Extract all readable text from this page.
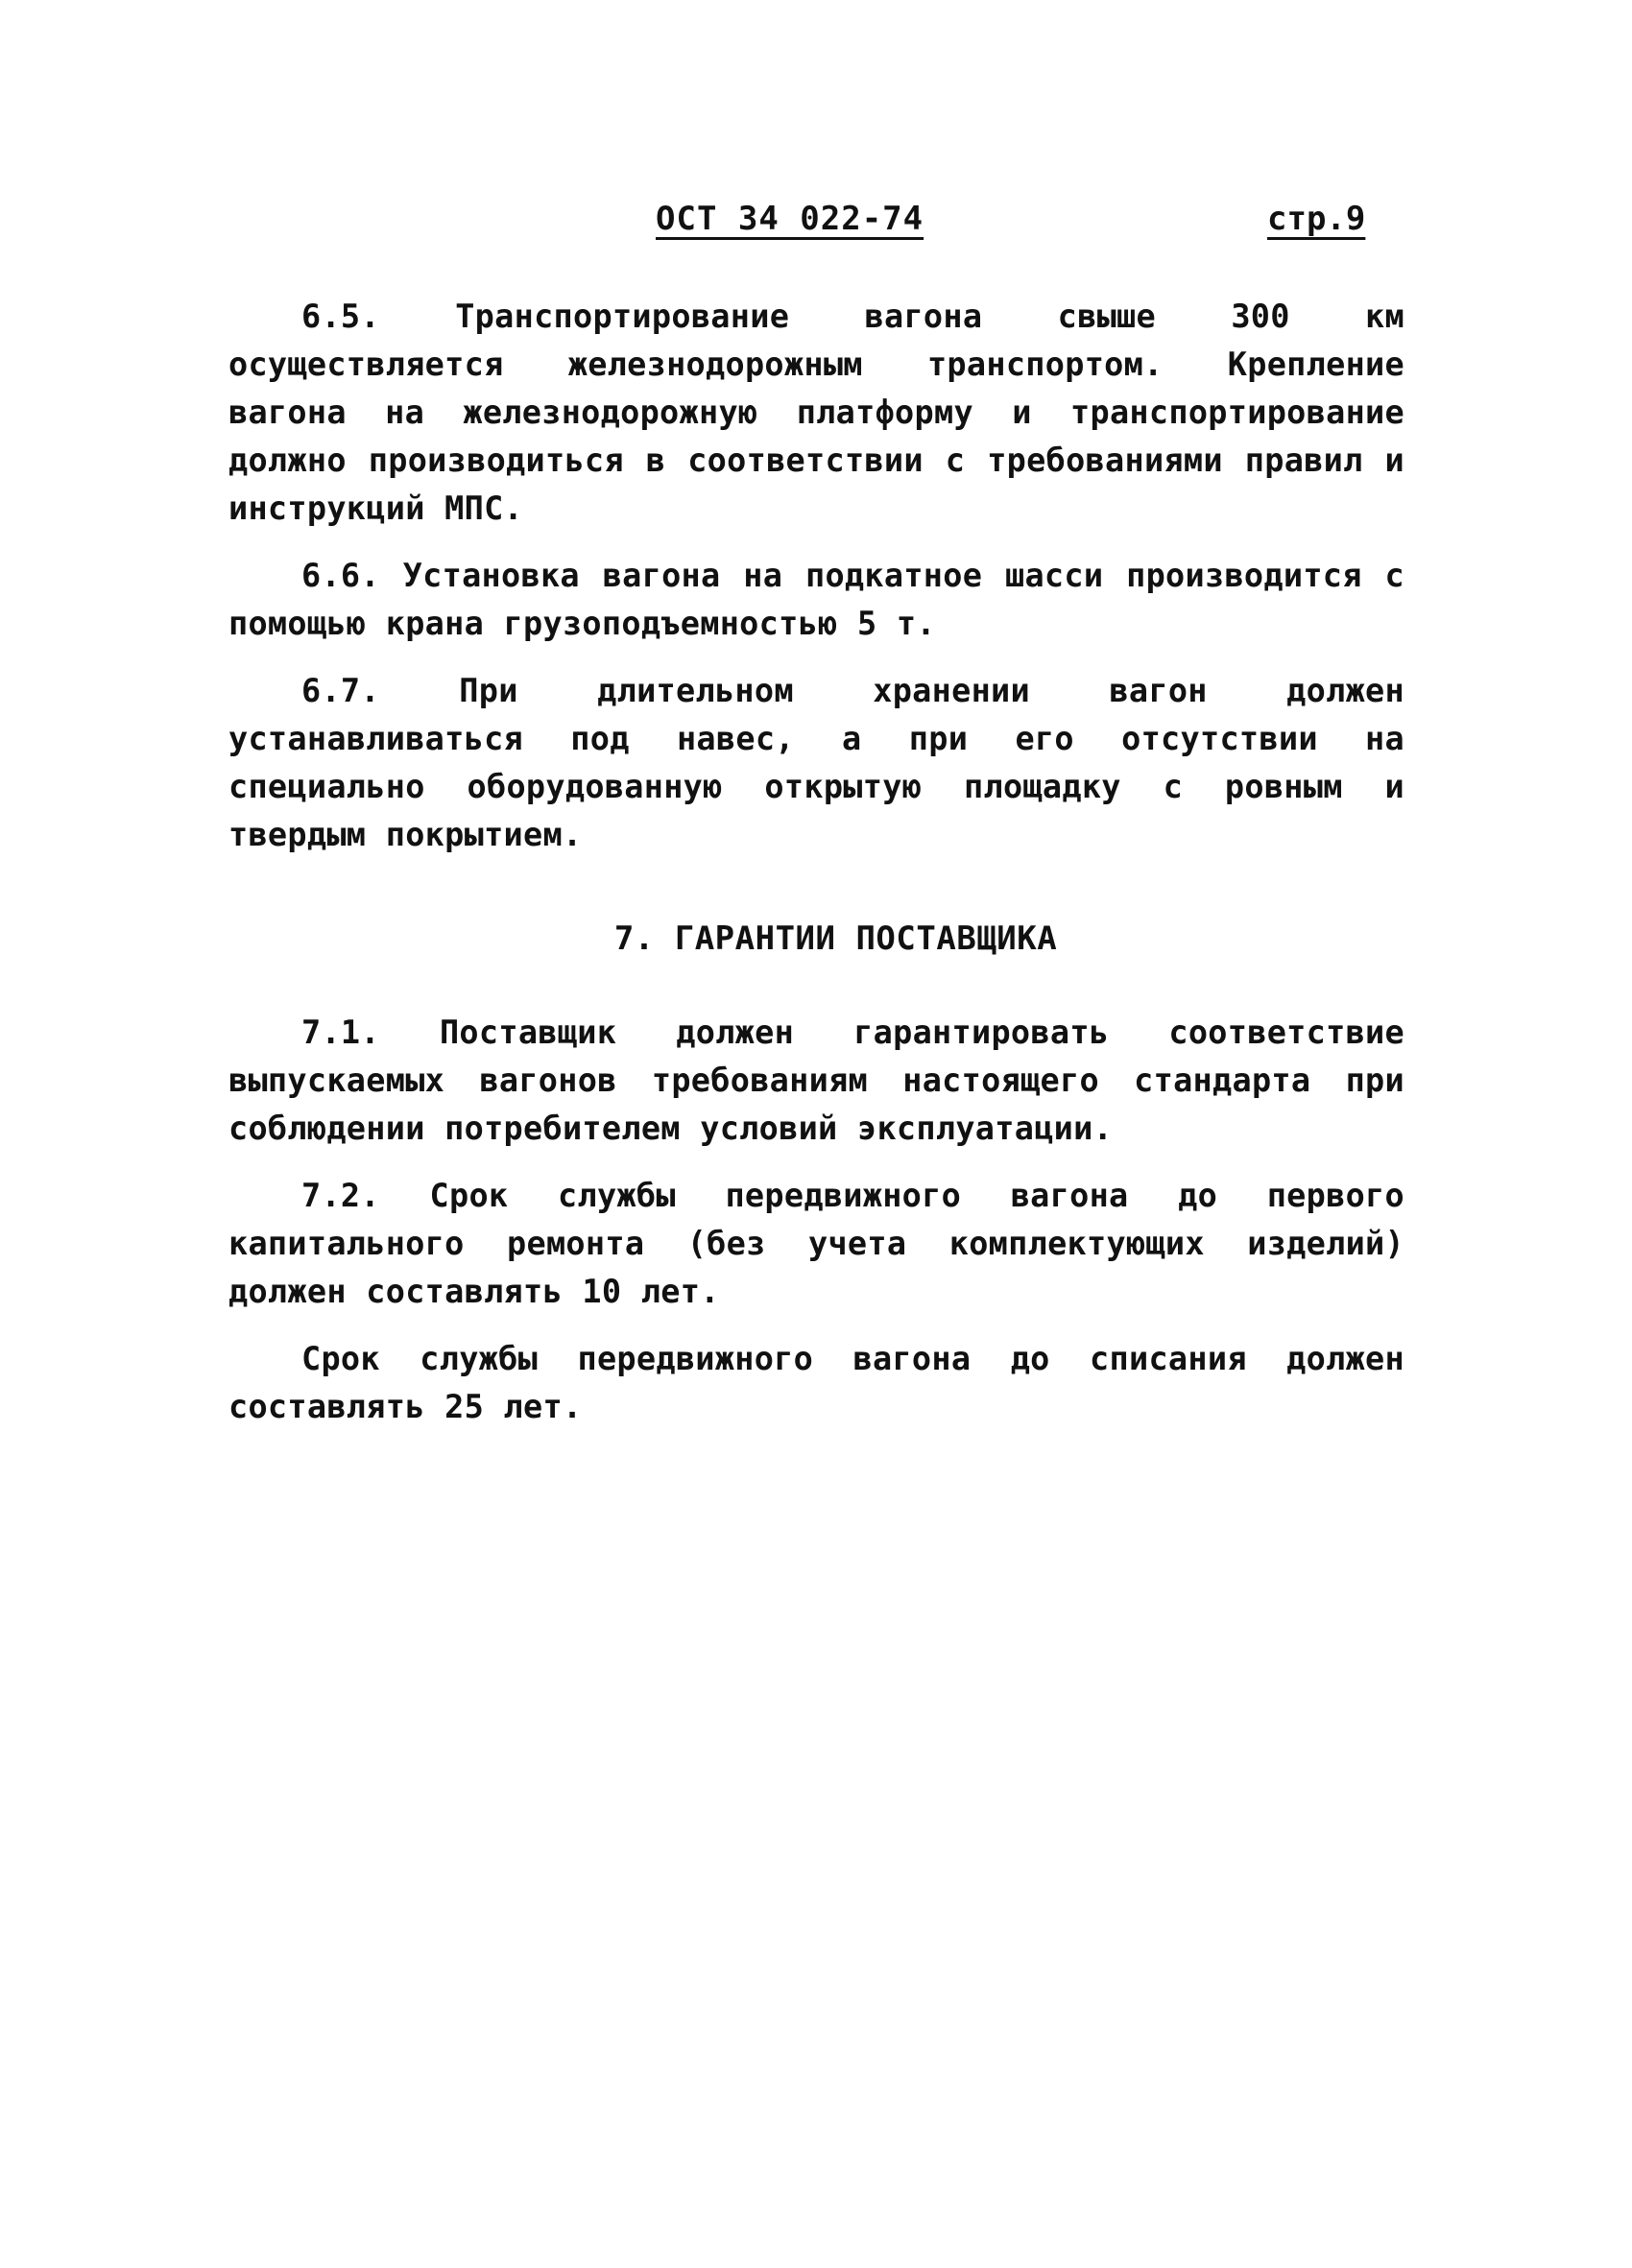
ОСТ 34 022-74	стр.9

6.5. Транспортирование вагона свыше 300 км осуществляется железнодорожным транспортом. Крепление вагона на железнодорожную платформу и транспортирование должно производиться в соответствии с требованиями правил и инструкций МПС.

6.6. Установка вагона на подкатное шасси производится с помощью крана грузоподъемностью 5 т.

6.7. При длительном хранении вагон должен устанавливаться под навес, а при его отсутствии на специально оборудованную открытую площадку с ровным и твердым покрытием.

7. ГАРАНТИИ ПОСТАВЩИКА

7.1. Поставщик должен гарантировать соответствие выпускаемых вагонов требованиям настоящего стандарта при соблюдении потребителем условий эксплуатации.

7.2. Срок службы передвижного вагона до первого капитального ремонта (без учета комплектующих изделий) должен составлять 10 лет.

Срок службы передвижного вагона до списания должен составлять 25 лет.
